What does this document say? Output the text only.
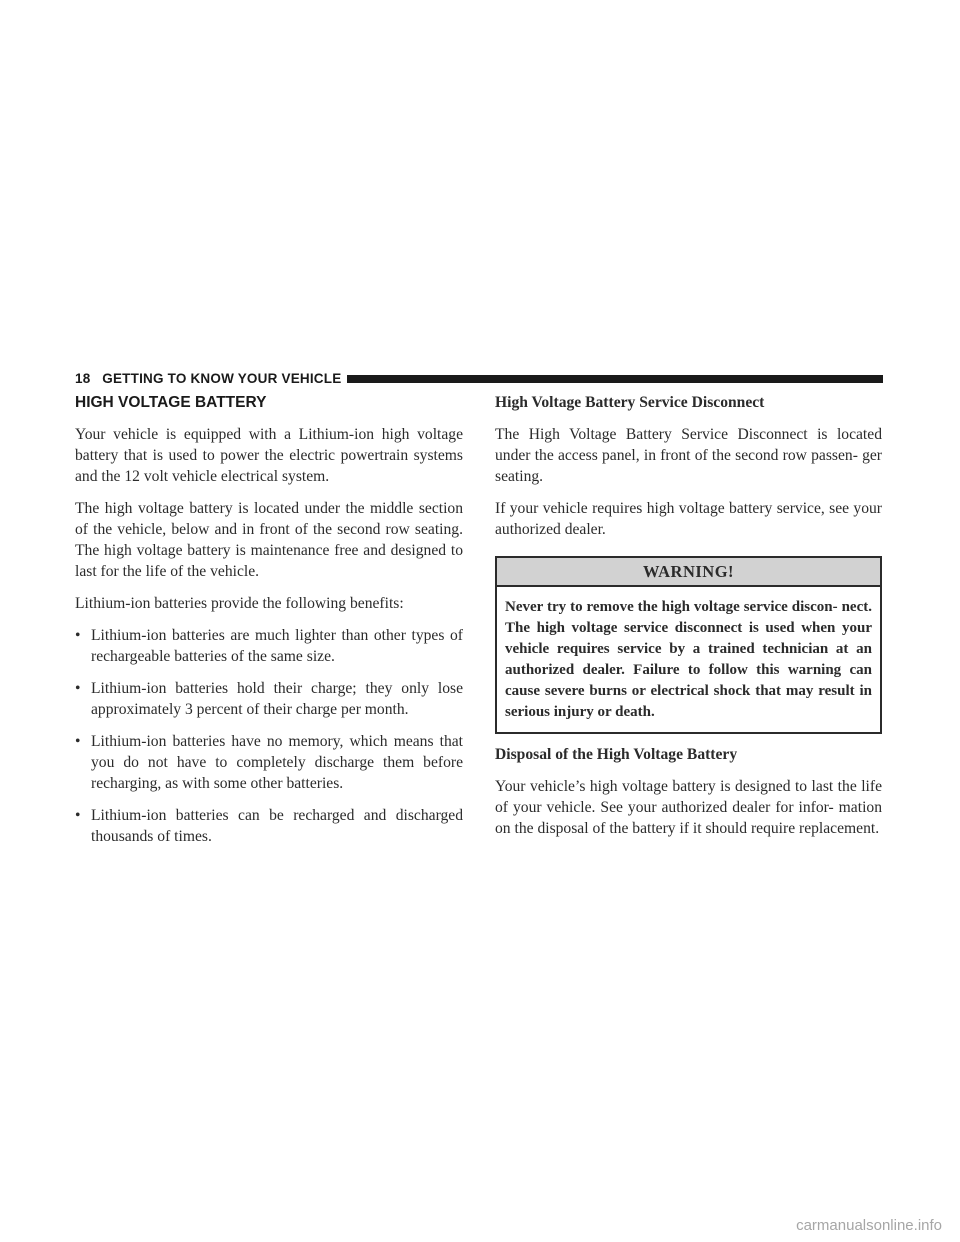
18 GETTING TO KNOW YOUR VEHICLE
HIGH VOLTAGE BATTERY

Your vehicle is equipped with a Lithium-ion high voltage battery that is used to power the electric powertrain systems and the 12 volt vehicle electrical system.

The high voltage battery is located under the middle section of the vehicle, below and in front of the second row seating. The high voltage battery is maintenance free and designed to last for the life of the vehicle.

Lithium-ion batteries provide the following benefits:

• Lithium-ion batteries are much lighter than other types of rechargeable batteries of the same size.
• Lithium-ion batteries hold their charge; they only lose approximately 3 percent of their charge per month.
• Lithium-ion batteries have no memory, which means that you do not have to completely discharge them before recharging, as with some other batteries.
• Lithium-ion batteries can be recharged and discharged thousands of times.
High Voltage Battery Service Disconnect

The High Voltage Battery Service Disconnect is located under the access panel, in front of the second row passen- ger seating.

If your vehicle requires high voltage battery service, see your authorized dealer.

WARNING!
Never try to remove the high voltage service discon- nect. The high voltage service disconnect is used when your vehicle requires service by a trained technician at an authorized dealer. Failure to follow this warning can cause severe burns or electrical shock that may result in serious injury or death.
Disposal of the High Voltage Battery

Your vehicle’s high voltage battery is designed to last the life of your vehicle. See your authorized dealer for infor- mation on the disposal of the battery if it should require replacement.

carmanualsonline.info
